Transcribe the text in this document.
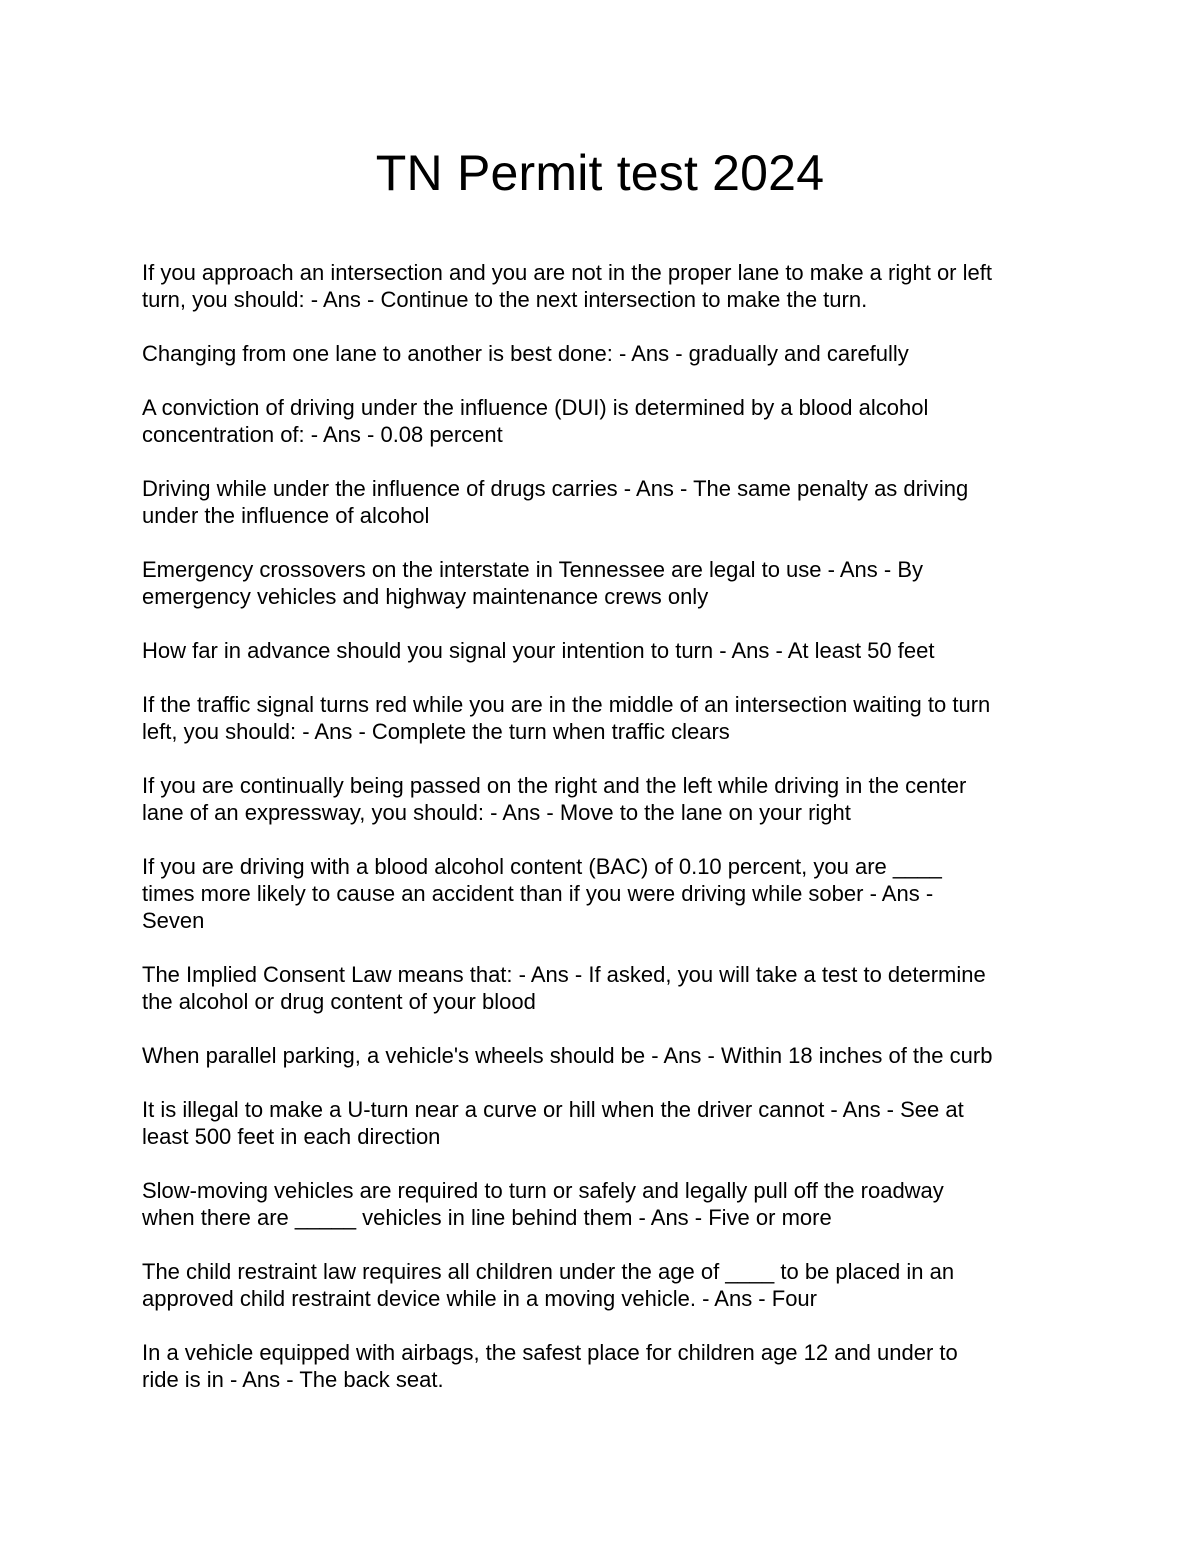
TN Permit test 2024

If you approach an intersection and you are not in the proper lane to make a right or left
turn, you should: - Ans - Continue to the next intersection to make the turn.

Changing from one lane to another is best done: - Ans - gradually and carefully

A conviction of driving under the influence (DUI) is determined by a blood alcohol
concentration of: - Ans - 0.08 percent

Driving while under the influence of drugs carries - Ans - The same penalty as driving
under the influence of alcohol

Emergency crossovers on the interstate in Tennessee are legal to use - Ans - By
emergency vehicles and highway maintenance crews only

How far in advance should you signal your intention to turn - Ans - At least 50 feet

If the traffic signal turns red while you are in the middle of an intersection waiting to turn
left, you should: - Ans - Complete the turn when traffic clears

If you are continually being passed on the right and the left while driving in the center
lane of an expressway, you should: - Ans - Move to the lane on your right

If you are driving with a blood alcohol content (BAC) of 0.10 percent, you are ____
times more likely to cause an accident than if you were driving while sober - Ans -
Seven

The Implied Consent Law means that: - Ans - If asked, you will take a test to determine
the alcohol or drug content of your blood

When parallel parking, a vehicle's wheels should be - Ans - Within 18 inches of the curb

It is illegal to make a U-turn near a curve or hill when the driver cannot - Ans - See at
least 500 feet in each direction

Slow-moving vehicles are required to turn or safely and legally pull off the roadway
when there are _____ vehicles in line behind them - Ans - Five or more

The child restraint law requires all children under the age of ____ to be placed in an
approved child restraint device while in a moving vehicle. - Ans - Four

In a vehicle equipped with airbags, the safest place for children age 12 and under to
ride is in - Ans - The back seat.
